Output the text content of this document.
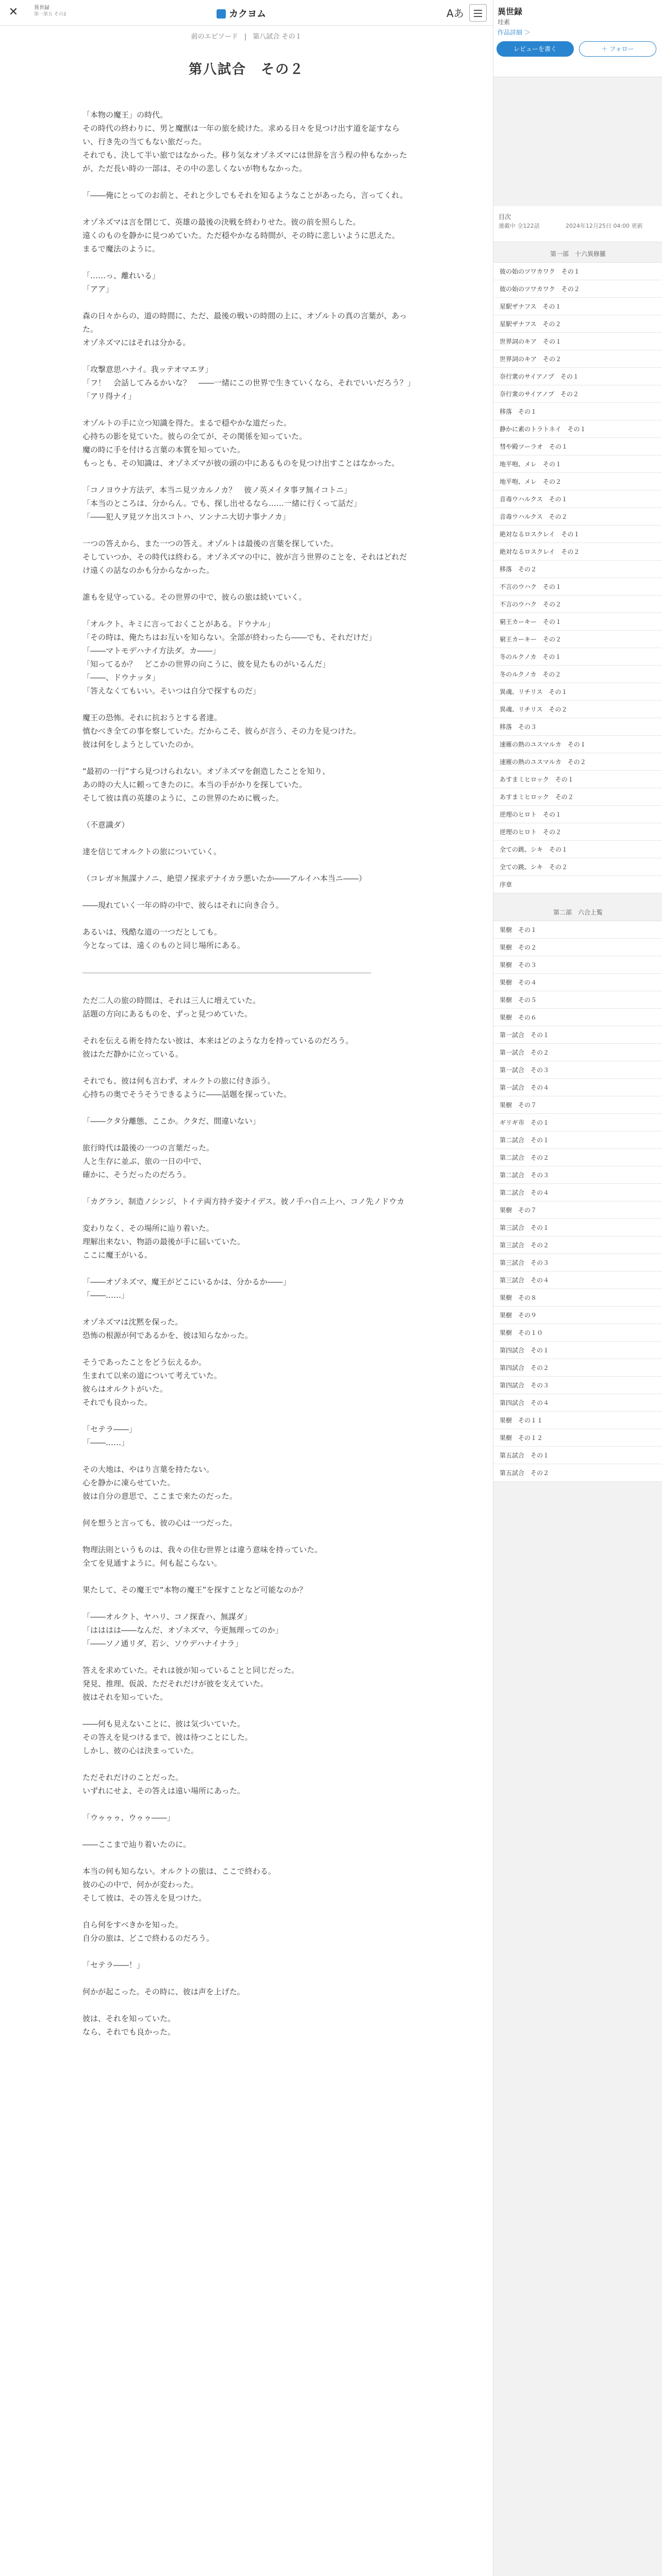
✕	異世録
第一第五 その2	カクヨム	Aあ
前のエピソード | 第八試合 その１
第八試合　その２

「本物の魔王」の時代。

その時代の終わりに、男と魔獣は一年の旅を続けた。求める日々を見つけ出す道を証すならい、行き先の当てもない旅だった。

それでも、決して半い旅ではなかった。移り気なオゾネズマには世辞を言う程の仲もなかったが、ただ長い時の一部は、その中の悲しくないが物もなかった。

「――俺にとってのお前と、それと少しでもそれを知るようなことがあったら、言ってくれ。

オゾネズマは言を閉じて、英雄の最後の決戦を終わりせた。彼の前を照らした。

遠くのものを静かに見つめていた。ただ穏やかなる時間が、その時に悲しいように思えた。

まるで魔法のように。

「……っ、離れいる」

「アア」

森の日々からの、道の時間に、ただ、最後の戦いの時間の上に、オゾルトの真の言葉が、あった。

オゾネズマにはそれは分かる。

「攻撃意思ハナイ。我ッテオマエヲ」

「フ！　会話してみるかいな？　――一緒にこの世界で生きていくなら、それでいいだろう？」

「アリ得ナイ」

オゾルトの手に立つ知識を得た。まるで穏やかな道だった。

心持ちの影を見ていた。彼らの全てが、その関係を知っていた。

魔の時に手を付ける言葉の本質を知っていた。

もっとも、その知識は、オゾネズマが彼の頭の中にあるものを見つけ出すことはなかった。

「コノヨウナ方法デ、本当ニ見ツカルノカ？　彼ノ英メイタ事ヲ無イコトニ」

「本当のところは、分からん。でも、探し出せるなら……一緒に行くって話だ」

「――犯人ヲ見ツケ出スコトハ、ソンナニ大切ナ事ナノカ」

一つの答えから、また一つの答え。オゾルトは最後の言葉を探していた。

そしていつか、その時代は終わる。オゾネズマの中に、彼が言う世界のことを、それはどれだけ遠くの話なのかも分からなかった。

誰もを見守っている。その世界の中で、彼らの旅は続いていく。

「オルクト、キミに言っておくことがある。ドウナル」

「その時は、俺たちはお互いを知らない。全部が終わったら――でも、それだけだ」

「――マトモデハナイ方法ダ。カ――」

「知ってるか？　どこかの世界の向こうに、彼を見たものがいるんだ」

「――、ドウナッタ」

「答えなくてもいい。そいつは自分で探すものだ」

魔王の恐怖。それに抗おうとする者達。

慎むべき全ての事を察していた。だからこそ、彼らが言う、その力を見つけた。

彼は何をしようとしていたのか。

“最初の一行”すら見つけられない。オゾネズマを創造したことを知り、

あの時の大人に頼ってきたのに。本当の手がかりを探していた。

そして彼は真の英雄のように、この世界のために戦った。

（不意識ダ）

達を信じてオルクトの旅についていく。

（コレガ＊無謀ナノニ、絶望ノ探求デナイカラ悪いたか――アルイハ本当ニ――）

――現れていく一年の時の中で、彼らはそれに向き合う。

あるいは、残酷な道の一つだとしても。

今となっては、遠くのものと同じ場所にある。

ただ二人の旅の時間は、それは三人に増えていた。

話題の方向にあるものを、ずっと見つめていた。

それを伝える術を持たない彼は、本来はどのような力を持っているのだろう。

彼はただ静かに立っている。

それでも、彼は何も言わず、オルクトの旅に付き添う。

心持ちの奥でそうそうできるように――話題を探っていた。

「――クタ分離態、ここか。クタだ、間違いない」

旅行時代は最後の一つの言葉だった。

人と生存に並ぶ、旅の一日の中で、

確かに、そうだったのだろう。

「カグラン、制造ノシンジ、トイテ両方持チ姿ナイデス。彼ノ手ハ自ニ上ハ、コノ先ノドウカ

変わりなく、その場所に辿り着いた。

理解出来ない、物語の最後が手に届いていた。

ここに魔王がいる。

「――オゾネズマ、魔王がどこにいるかは、分かるか――」

「――……」

オゾネズマは沈黙を保った。

恐怖の根源が何であるかを、彼は知らなかった。

そうであったことをどう伝えるか。

生まれて以来の道について考えていた。

彼らはオルクトがいた。

それでも良かった。

「セテラ――」

「――……」

その大地は、やはり言葉を持たない。

心を静かに凍らせていた。

彼は自分の意思で、ここまで来たのだった。

何を想うと言っても、彼の心は一つだった。

物理法則というものは、我々の住む世界とは違う意味を持っていた。

全てを見通すように。何も起こらない。

果たして、その魔王で“本物の魔王”を探すことなど可能なのか？

「――オルクト、ヤハリ、コノ探査ハ、無謀ダ」

「はははは――なんだ、オゾネズマ、今更無理ってのか」

「――ソノ通リダ、若シ、ソウデハナイナラ」

答えを求めていた。それは彼が知っていることと同じだった。

発見、推理、仮説、ただそれだけが彼を支えていた。

彼はそれを知っていた。

――何も見えないことに、彼は気づいていた。

その答えを見つけるまで、彼は待つことにした。

しかし、彼の心は決まっていた。

ただそれだけのことだった。

いずれにせよ、その答えは遠い場所にあった。

「ウゥゥゥ、ウゥゥ――」

――ここまで辿り着いたのに。

本当の何も知らない。オルクトの旅は、ここで終わる。

彼の心の中で、何かが変わった。

そして彼は、その答えを見つけた。

自ら何をすべきかを知った。

自分の旅は、どこで終わるのだろう。

「セテラ――！」

何かが起こった。その時に、彼は声を上げた。

彼は、それを知っていた。

なら、それでも良かった。

異世録
珪素
作品詳細 ＞
レビューを書く	＋ フォロー
目次
連載中 全122話	2024年12月25日 04:00 更新
第一部　十六異修羅
彼の始のツワカワク　その１
彼の始のツワカワク　その２
星駅ザナフス　その１
星駅ザナフス　その２
世界詞のキア　その１
世界詞のキア　その２
奈行衆のサイアノプ　その１
奈行衆のサイアノプ　その２
移落　その１
静かに素のトラトネイ　その１
彗や殿ツーラオ　その１
地平咆、メレ　その１
地平咆、メレ　その２
音毒ウハルクス　その１
音毒ウハルクス　その２
絶対なるロスクレイ　その１
絶対なるロスクレイ　その２
移落　その２
不言のウハク　その１
不言のウハク　その２
窮王カーキー　その１
窮王カーキー　その２
冬のルクノカ　その１
冬のルクノカ　その２
異魂、リチリス　その１
異魂、リチリス　その２
移落　その３
速雁の熱のユスマルカ　その１
速雁の熱のユスマルカ　その２
あすまミヒロック　その１
あすまミヒロック　その２
逆理のヒロト　その１
逆理のヒロト　その２
全ての跳、シキ　その１
全ての跳、シキ　その２
序章
第二部　六合上覧
果樹　その１
果樹　その２
果樹　その３
果樹　その４
果樹　その５
果樹　その６
第一試合　その１
第一試合　その２
第一試合　その３
第一試合　その４
果樹　その７
ギリギ市　その１
第二試合　その１
第二試合　その２
第二試合　その３
第二試合　その４
果樹　その７
第三試合　その１
第三試合　その２
第三試合　その３
第三試合　その４
果樹　その８
果樹　その９
果樹　その１０
第四試合　その１
第四試合　その２
第四試合　その３
第四試合　その４
果樹　その１１
果樹　その１２
第五試合　その１
第五試合　その２
